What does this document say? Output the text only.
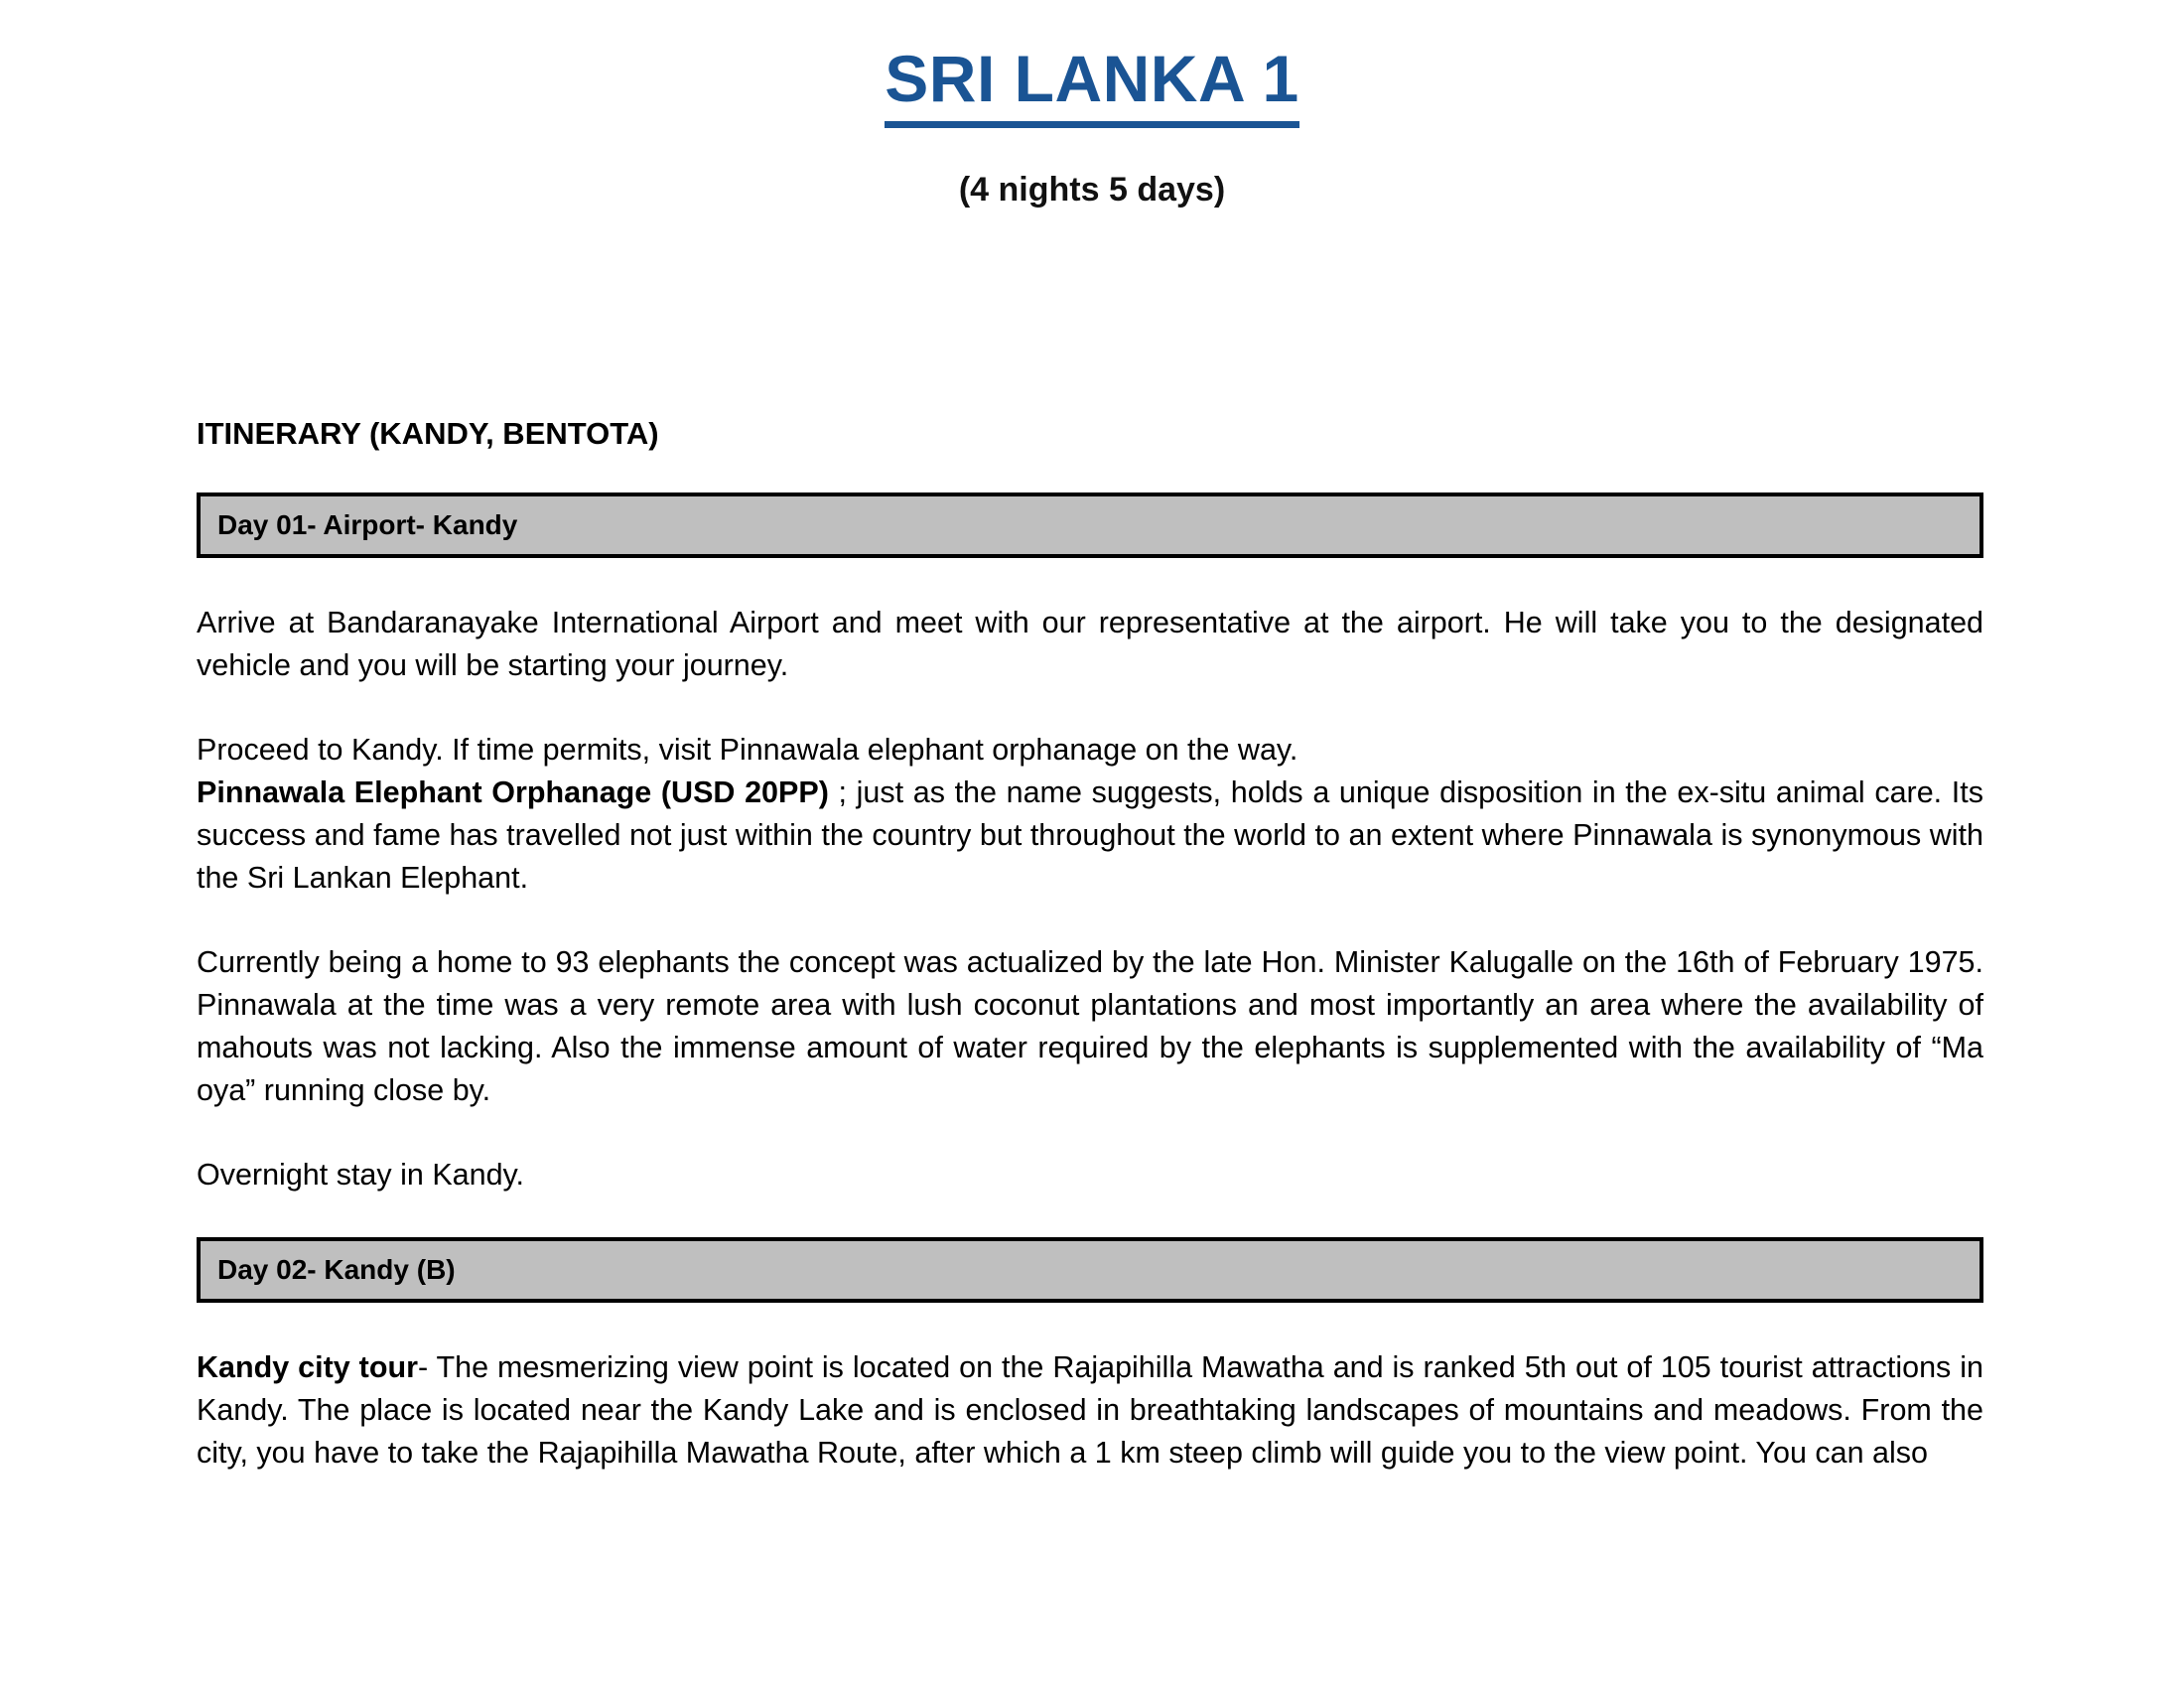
SRI LANKA 1
(4 nights 5 days)
ITINERARY (KANDY, BENTOTA)
Day 01- Airport- Kandy

Arrive at Bandaranayake International Airport and meet with our representative at the airport. He will take you to the designated vehicle and you will be starting your journey.

Proceed to Kandy. If time permits, visit Pinnawala elephant orphanage on the way.
Pinnawala Elephant Orphanage (USD 20PP) ; just as the name suggests, holds a unique disposition in the ex-situ animal care. Its success and fame has travelled not just within the country but throughout the world to an extent where Pinnawala is synonymous with the Sri Lankan Elephant.

Currently being a home to 93 elephants the concept was actualized by the late Hon. Minister Kalugalle on the 16th of February 1975. Pinnawala at the time was a very remote area with lush coconut plantations and most importantly an area where the availability of mahouts was not lacking. Also the immense amount of water required by the elephants is supplemented with the availability of “Ma oya” running close by.

Overnight stay in Kandy.

Day 02- Kandy (B)

Kandy city tour- The mesmerizing view point is located on the Rajapihilla Mawatha and is ranked 5th out of 105 tourist attractions in Kandy. The place is located near the Kandy Lake and is enclosed in breathtaking landscapes of mountains and meadows. From the city, you have to take the Rajapihilla Mawatha Route, after which a 1 km steep climb will guide you to the view point. You can also
